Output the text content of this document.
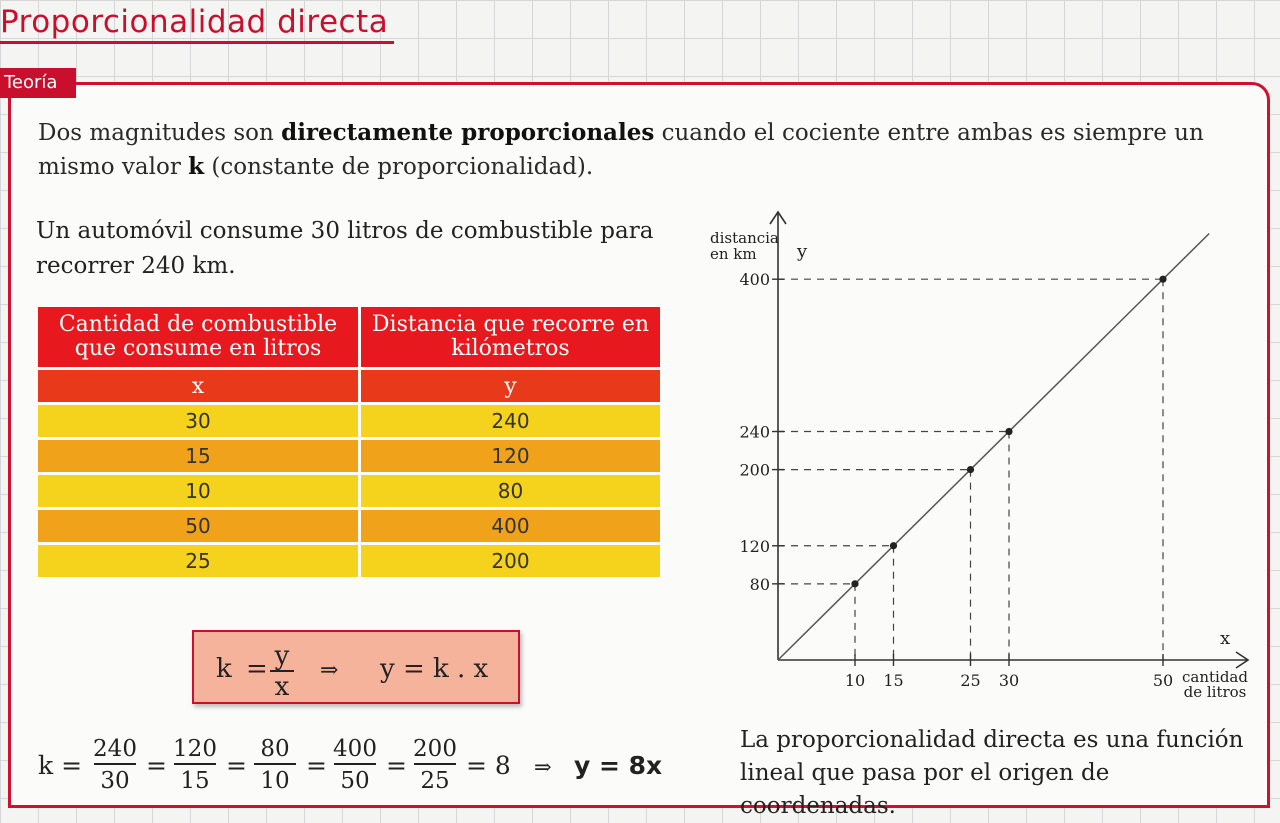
Proporcionalidad directa
Teoría
Dos magnitudes son directamente proporcionales cuando el cociente entre ambas es siempre un mismo valor k (constante de proporcionalidad).
Un automóvil consume 30 litros de combustible para recorrer 240 km.
Cantidad de combustible que consume en litros	Distancia que recorre en kilómetros
x	y
30	240
15	120
10	80
50	400
25	200
k = y
x
⇒ y = k . x
k =
240
30
=
120
15
=
80
10
=
400
50
=
200
25
= 8 ⇒ y = 8x
80
120
200
240
400
10 15	25 30	50
distancia
en km y
x
cantidad
de litros
La proporcionalidad directa es una función lineal que pasa por el origen de coordenadas.
